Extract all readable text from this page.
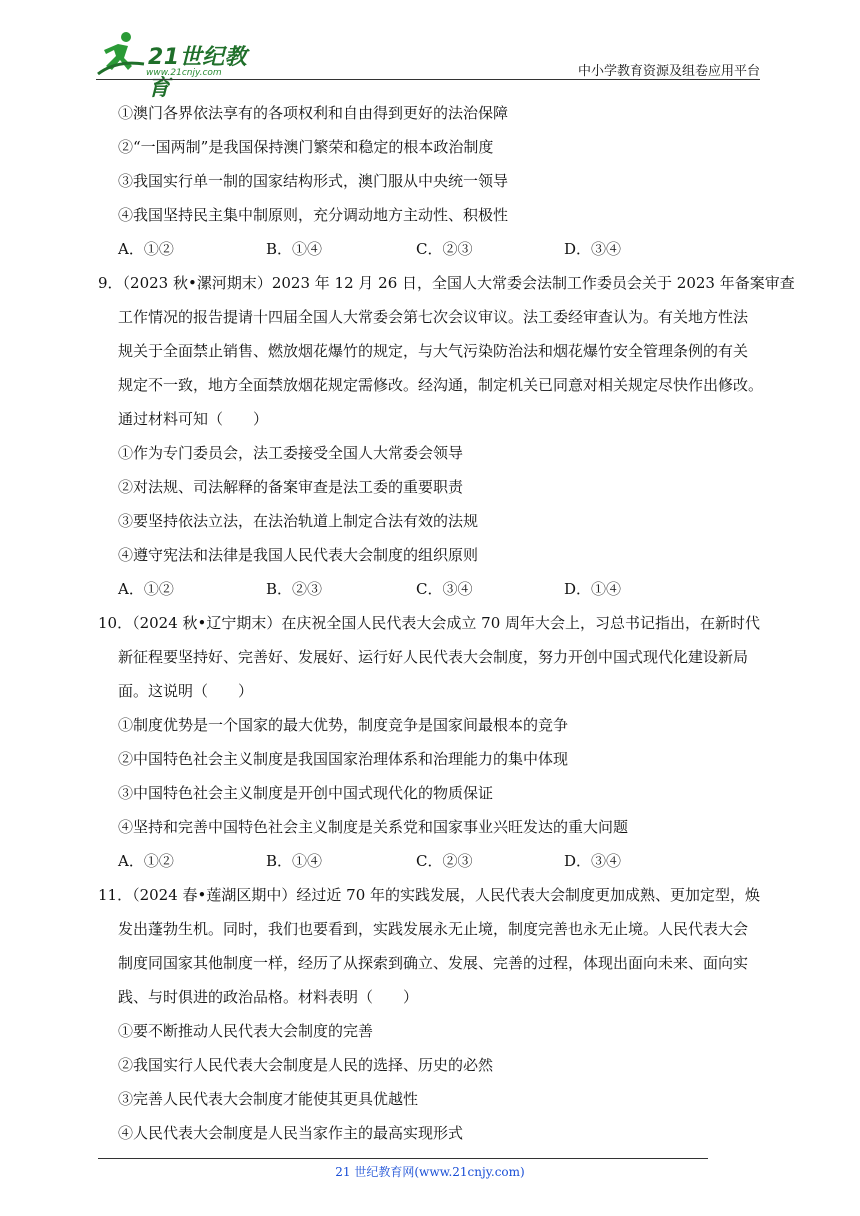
21世纪教育
www.21cnjy.com	中小学教育资源及组卷应用平台
①澳门各界依法享有的各项权利和自由得到更好的法治保障
②“一国两制”是我国保持澳门繁荣和稳定的根本政治制度
③我国实行单一制的国家结构形式，澳门服从中央统一领导
④我国坚持民主集中制原则，充分调动地方主动性、积极性
A．①②	B．①④	C．②③	D．③④
9．（2023 秋•漯河期末）2023 年 12 月 26 日，全国人大常委会法制工作委员会关于 2023 年备案审查
工作情况的报告提请十四届全国人大常委会第七次会议审议。法工委经审查认为。有关地方性法
规关于全面禁止销售、燃放烟花爆竹的规定，与大气污染防治法和烟花爆竹安全管理条例的有关
规定不一致，地方全面禁放烟花规定需修改。经沟通，制定机关已同意对相关规定尽快作出修改。
通过材料可知（　　）
①作为专门委员会，法工委接受全国人大常委会领导
②对法规、司法解释的备案审查是法工委的重要职责
③要坚持依法立法，在法治轨道上制定合法有效的法规
④遵守宪法和法律是我国人民代表大会制度的组织原则
A．①②	B．②③	C．③④	D．①④
10．（2024 秋•辽宁期末）在庆祝全国人民代表大会成立 70 周年大会上，习总书记指出，在新时代
新征程要坚持好、完善好、发展好、运行好人民代表大会制度，努力开创中国式现代化建设新局
面。这说明（　　）
①制度优势是一个国家的最大优势，制度竞争是国家间最根本的竞争
②中国特色社会主义制度是我国国家治理体系和治理能力的集中体现
③中国特色社会主义制度是开创中国式现代化的物质保证
④坚持和完善中国特色社会主义制度是关系党和国家事业兴旺发达的重大问题
A．①②	B．①④	C．②③	D．③④
11．（2024 春•莲湖区期中）经过近 70 年的实践发展，人民代表大会制度更加成熟、更加定型，焕
发出蓬勃生机。同时，我们也要看到，实践发展永无止境，制度完善也永无止境。人民代表大会
制度同国家其他制度一样，经历了从探索到确立、发展、完善的过程，体现出面向未来、面向实
践、与时俱进的政治品格。材料表明（　　）
①要不断推动人民代表大会制度的完善
②我国实行人民代表大会制度是人民的选择、历史的必然
③完善人民代表大会制度才能使其更具优越性
④人民代表大会制度是人民当家作主的最高实现形式
21 世纪教育网(www.21cnjy.com)
